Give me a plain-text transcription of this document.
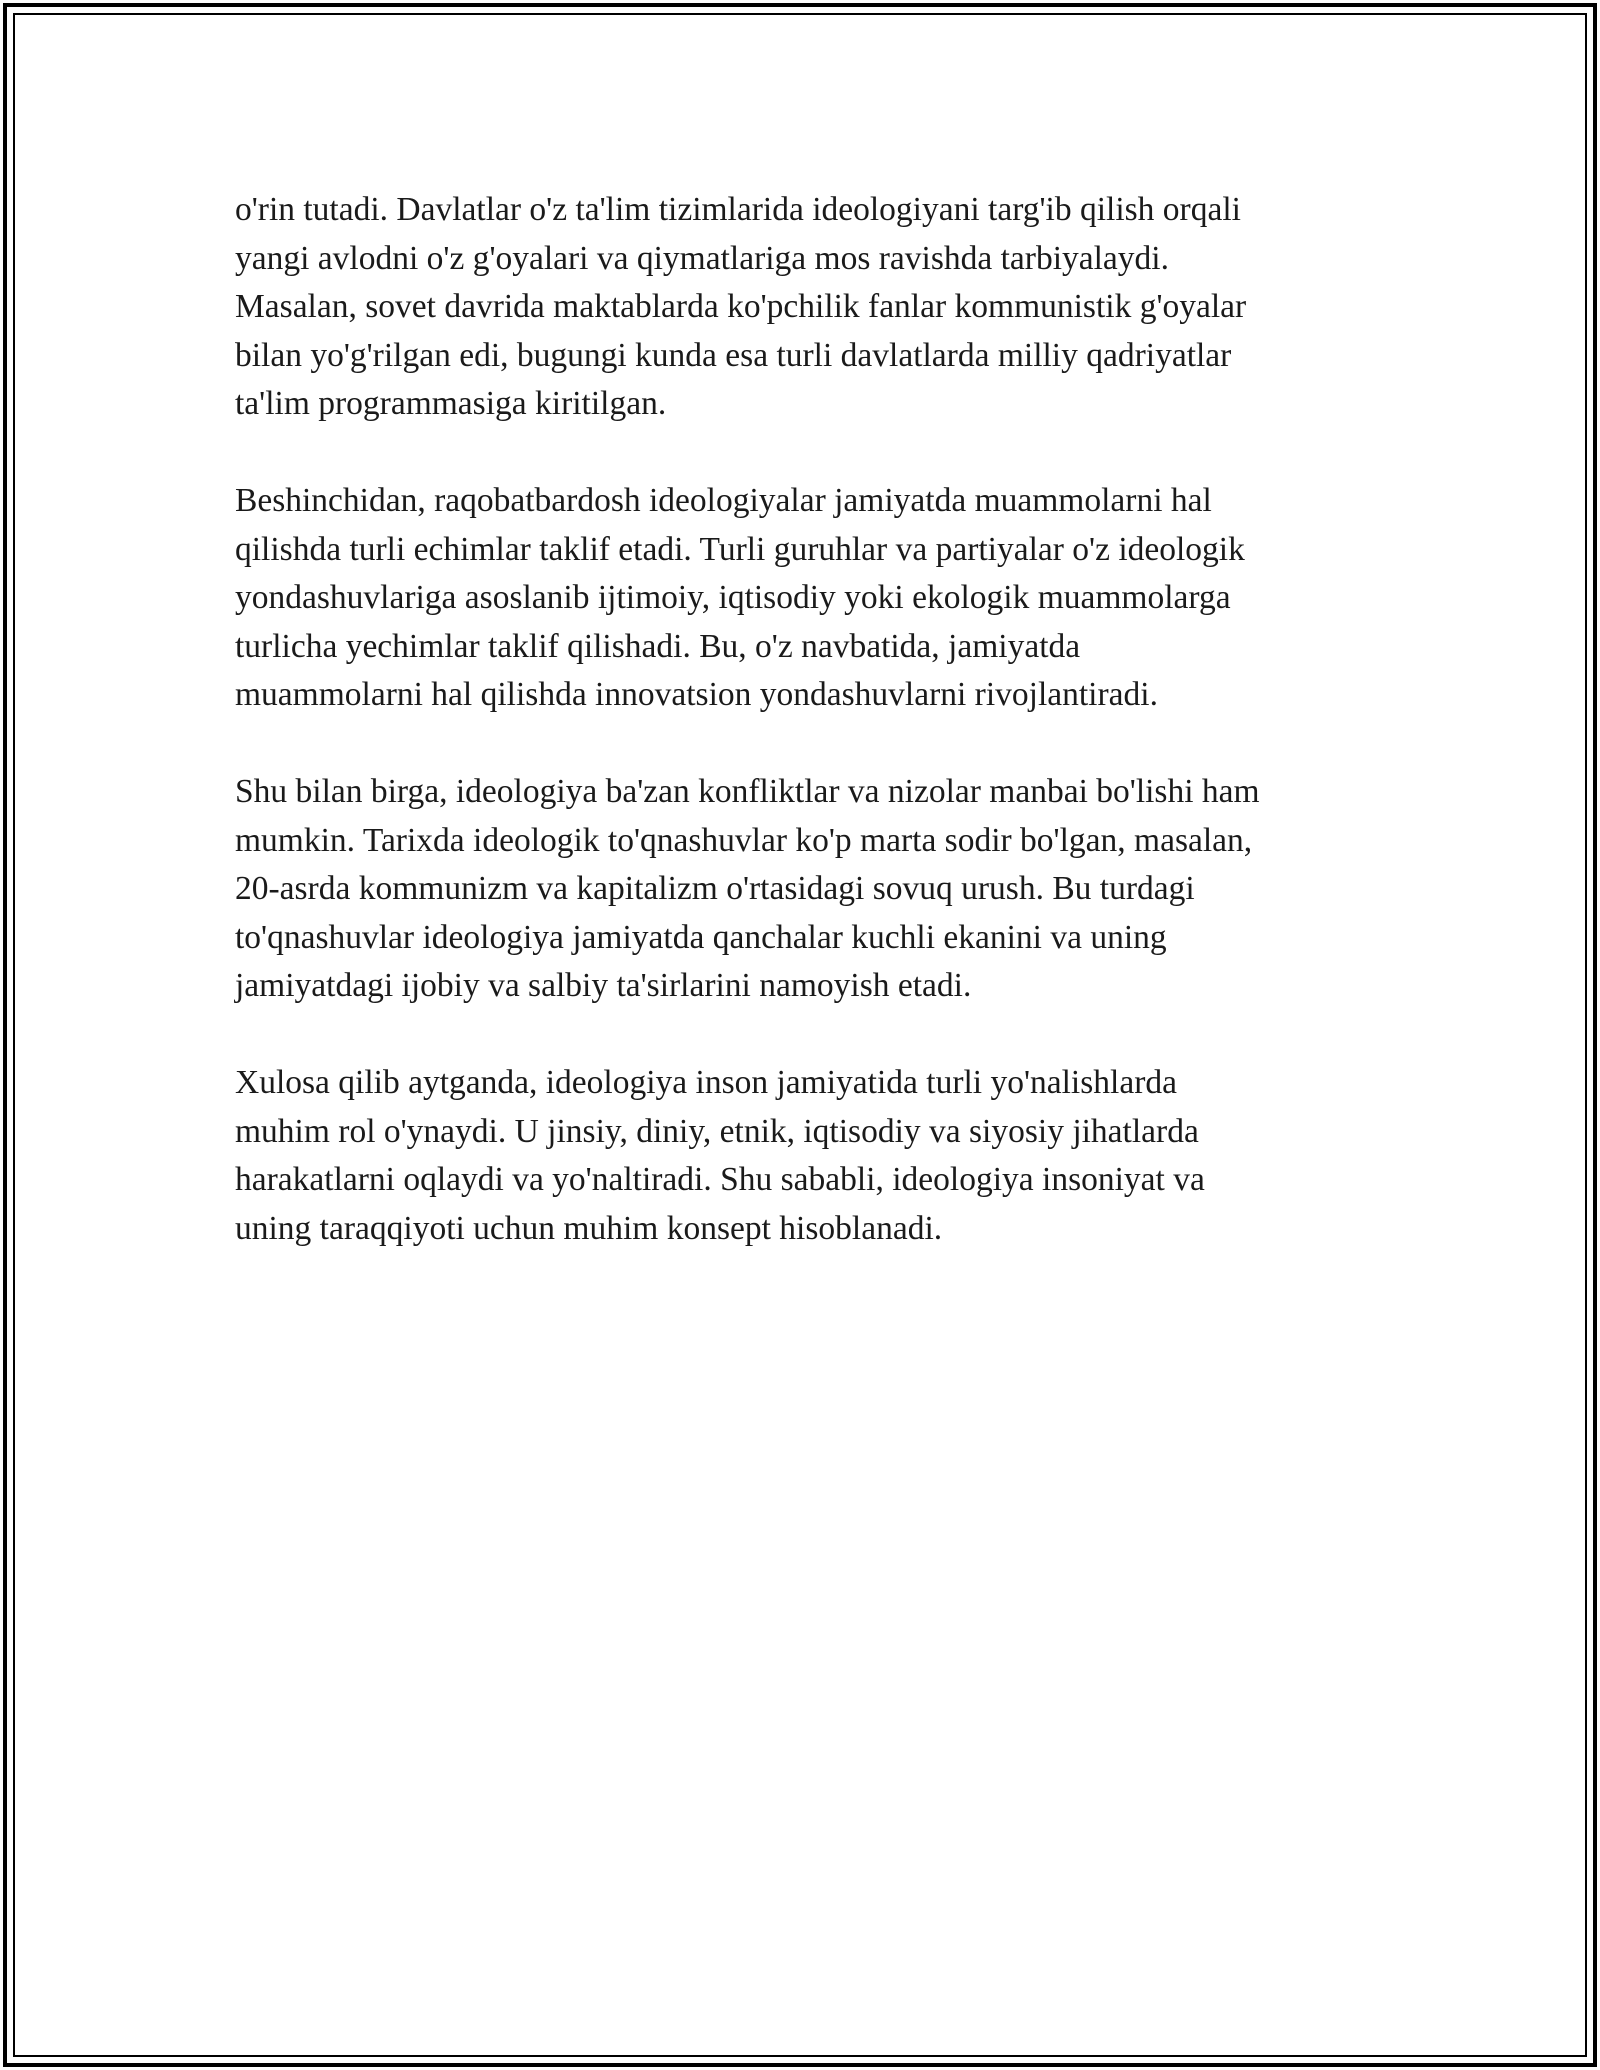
o'rin tutadi. Davlatlar o'z ta'lim tizimlarida ideologiyani targ'ib qilish orqali
yangi avlodni o'z g'oyalari va qiymatlariga mos ravishda tarbiyalaydi.
Masalan, sovet davrida maktablarda ko'pchilik fanlar kommunistik g'oyalar
bilan yo'g'rilgan edi, bugungi kunda esa turli davlatlarda milliy qadriyatlar
ta'lim programmasiga kiritilgan.

Beshinchidan, raqobatbardosh ideologiyalar jamiyatda muammolarni hal
qilishda turli echimlar taklif etadi. Turli guruhlar va partiyalar o'z ideologik
yondashuvlariga asoslanib ijtimoiy, iqtisodiy yoki ekologik muammolarga
turlicha yechimlar taklif qilishadi. Bu, o'z navbatida, jamiyatda
muammolarni hal qilishda innovatsion yondashuvlarni rivojlantiradi.

Shu bilan birga, ideologiya ba'zan konfliktlar va nizolar manbai bo'lishi ham
mumkin. Tarixda ideologik to'qnashuvlar ko'p marta sodir bo'lgan, masalan,
20-asrda kommunizm va kapitalizm o'rtasidagi sovuq urush. Bu turdagi
to'qnashuvlar ideologiya jamiyatda qanchalar kuchli ekanini va uning
jamiyatdagi ijobiy va salbiy ta'sirlarini namoyish etadi.

Xulosa qilib aytganda, ideologiya inson jamiyatida turli yo'nalishlarda
muhim rol o'ynaydi. U jinsiy, diniy, etnik, iqtisodiy va siyosiy jihatlarda
harakatlarni oqlaydi va yo'naltiradi. Shu sababli, ideologiya insoniyat va
uning taraqqiyoti uchun muhim konsept hisoblanadi.
